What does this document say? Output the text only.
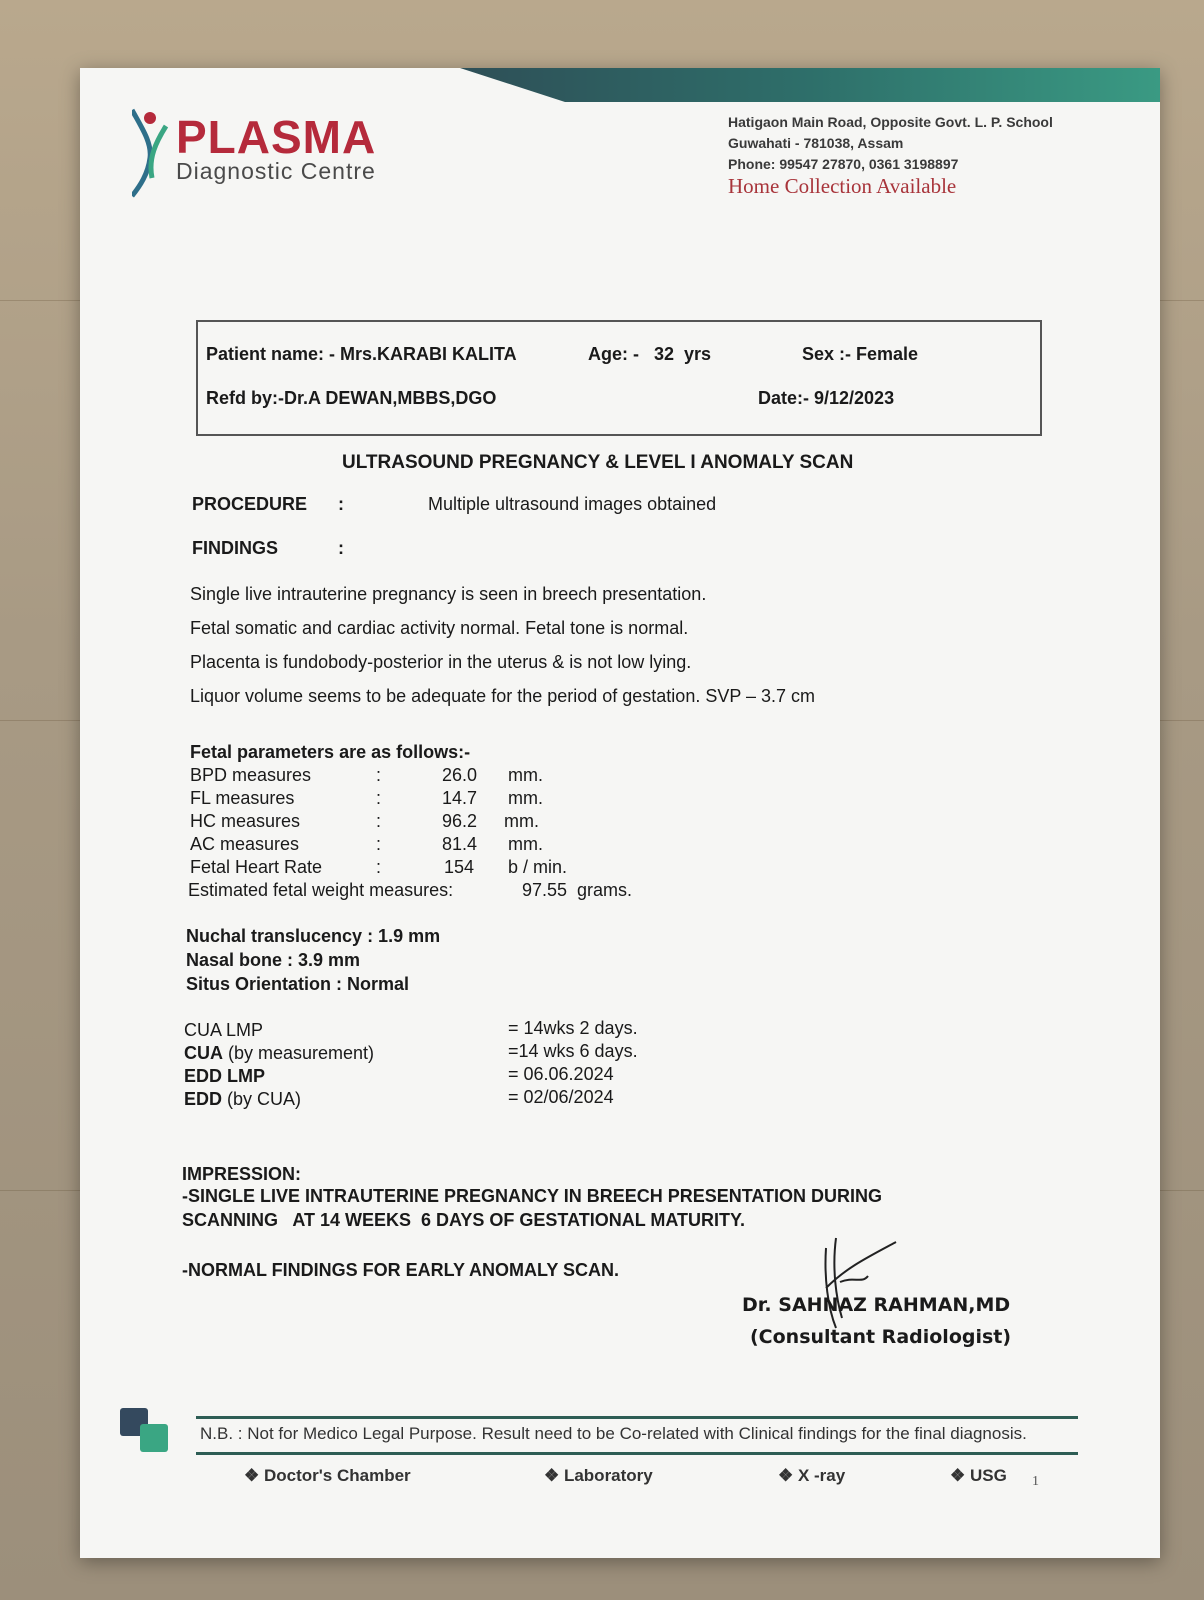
PLASMA
Diagnostic Centre
Hatigaon Main Road, Opposite Govt. L. P. School
Guwahati - 781038, Assam
Phone: 99547 27870, 0361 3198897
Home Collection Available
Patient name: - Mrs.KARABI KALITA	Age: -   32  yrs	Sex :- Female
Refd by:-Dr.A DEWAN,MBBS,DGO	Date:- 9/12/2023
ULTRASOUND PREGNANCY & LEVEL I ANOMALY SCAN
PROCEDURE :	Multiple ultrasound images obtained
FINDINGS	:
Single live intrauterine pregnancy is seen in breech presentation.
Fetal somatic and cardiac activity normal. Fetal tone is normal.
Placenta is fundobody-posterior in the uterus & is not low lying.
Liquor volume seems to be adequate for the period of gestation. SVP – 3.7 cm
Fetal parameters are as follows:-
BPD measures	:	26.0 mm.
FL measures	:	14.7 mm.
HC measures	:	96.2 mm.
AC measures	:	81.4 mm.
Fetal Heart Rate	:	154 b / min.
Estimated fetal weight measures:	97.55  grams.
Nuchal translucency : 1.9 mm
Nasal bone : 3.9 mm
Situs Orientation : Normal
CUA LMP	= 14wks 2 days.
CUA (by measurement)	=14 wks 6 days.
EDD LMP	= 06.06.2024
EDD (by CUA)	= 02/06/2024
IMPRESSION:
-SINGLE LIVE INTRAUTERINE PREGNANCY IN BREECH PRESENTATION DURING
SCANNING   AT 14 WEEKS  6 DAYS OF GESTATIONAL MATURITY.
-NORMAL FINDINGS FOR EARLY ANOMALY SCAN.
Dr. SAHNAZ RAHMAN,MD
(Consultant Radiologist)
N.B. : Not for Medico Legal Purpose. Result need to be Co-related with Clinical findings for the final diagnosis.
❖ Doctor's Chamber	❖ Laboratory	❖ X -ray	❖ USG 1
